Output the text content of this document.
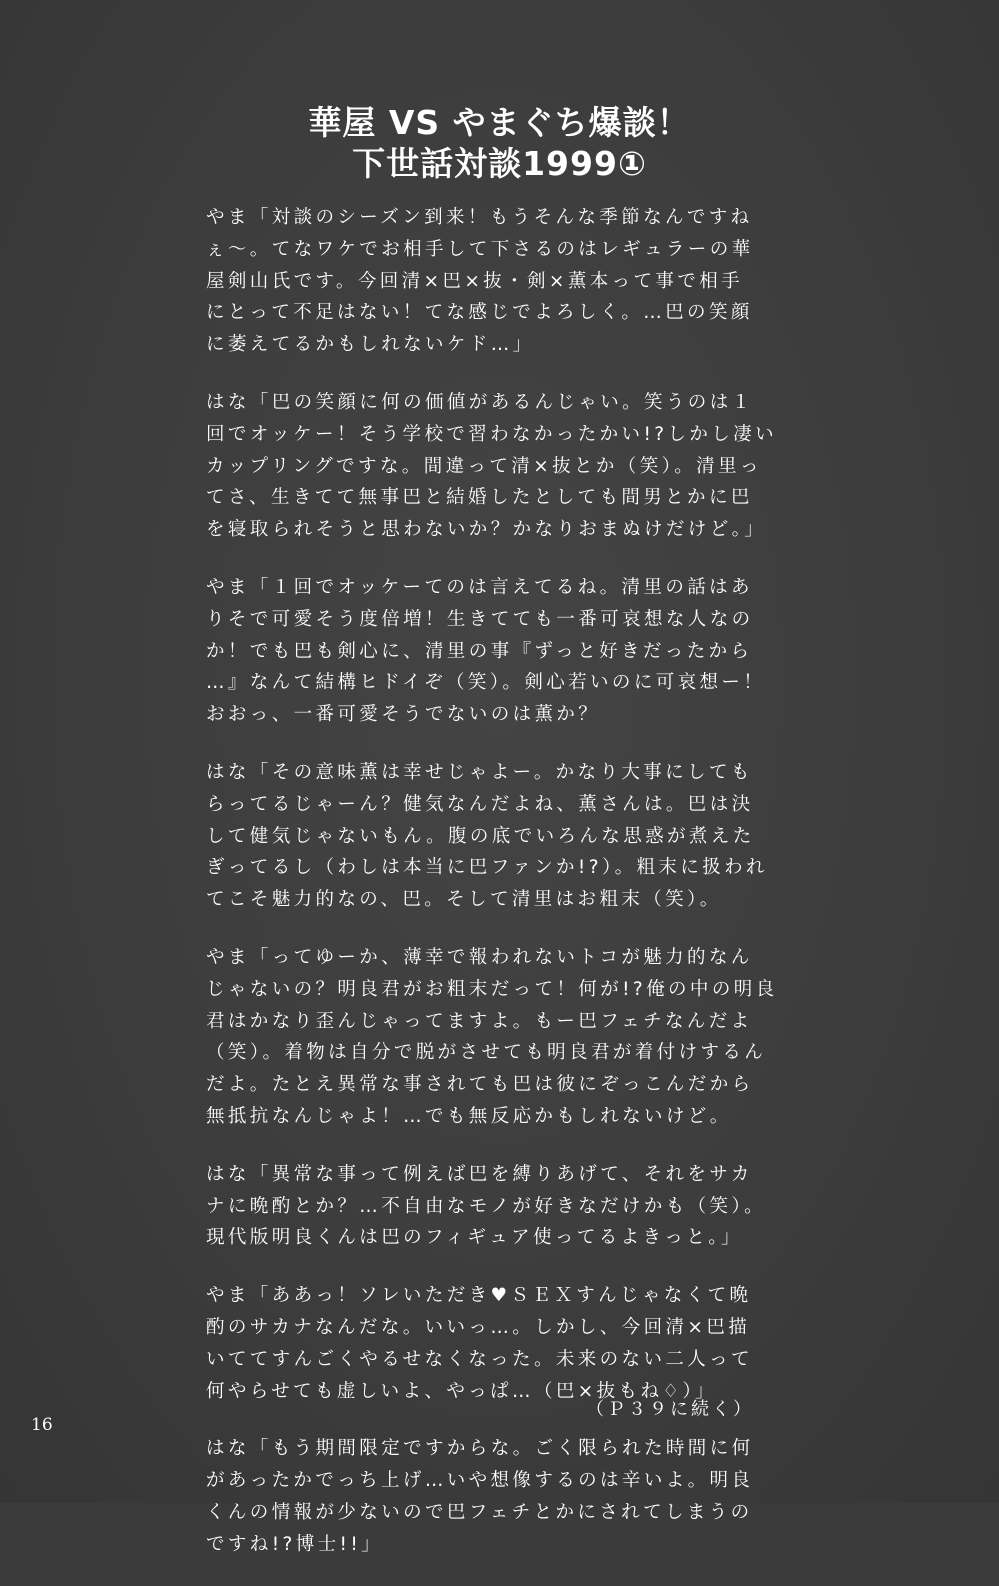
華屋 VS やまぐち爆談！
下世話対談1999①
やま「対談のシーズン到来！もうそんな季節なんですね
ぇ〜。てなワケでお相手して下さるのはレギュラーの華
屋剣山氏です。今回清×巴×抜・剣×薫本って事で相手
にとって不足はない！てな感じでよろしく。…巴の笑顔
に萎えてるかもしれないケド…」
はな「巴の笑顔に何の価値があるんじゃい。笑うのは１
回でオッケー！そう学校で習わなかったかい!?しかし凄い
カップリングですな。間違って清×抜とか（笑）。清里っ
てさ、生きてて無事巴と結婚したとしても間男とかに巴
を寝取られそうと思わないか？かなりおまぬけだけど。」
やま「１回でオッケーてのは言えてるね。清里の話はあ
りそで可愛そう度倍増！生きてても一番可哀想な人なの
か！でも巴も剣心に、清里の事『ずっと好きだったから
…』なんて結構ヒドイぞ（笑）。剣心若いのに可哀想ー！
おおっ、一番可愛そうでないのは薫か？
はな「その意味薫は幸せじゃよー。かなり大事にしても
らってるじゃーん？健気なんだよね、薫さんは。巴は決
して健気じゃないもん。腹の底でいろんな思惑が煮えた
ぎってるし（わしは本当に巴ファンか!?）。粗末に扱われ
てこそ魅力的なの、巴。そして清里はお粗末（笑）。
やま「ってゆーか、薄幸で報われないトコが魅力的なん
じゃないの？明良君がお粗末だって！何が!?俺の中の明良
君はかなり歪んじゃってますよ。もー巴フェチなんだよ
（笑）。着物は自分で脱がさせても明良君が着付けするん
だよ。たとえ異常な事されても巴は彼にぞっこんだから
無抵抗なんじゃよ！…でも無反応かもしれないけど。
はな「異常な事って例えば巴を縛りあげて、それをサカ
ナに晩酌とか？…不自由なモノが好きなだけかも（笑）。
現代版明良くんは巴のフィギュア使ってるよきっと。」
やま「ああっ！ソレいただき♥ＳＥＸすんじゃなくて晩
酌のサカナなんだな。いいっ…。しかし、今回清×巴描
いててすんごくやるせなくなった。未来のない二人って
何やらせても虚しいよ、やっぱ…（巴×抜もね♢）」
はな「もう期間限定ですからな。ごく限られた時間に何
があったかでっち上げ…いや想像するのは辛いよ。明良
くんの情報が少ないので巴フェチとかにされてしまうの
ですね!?博士!!」
（Ｐ３９に続く）
16
